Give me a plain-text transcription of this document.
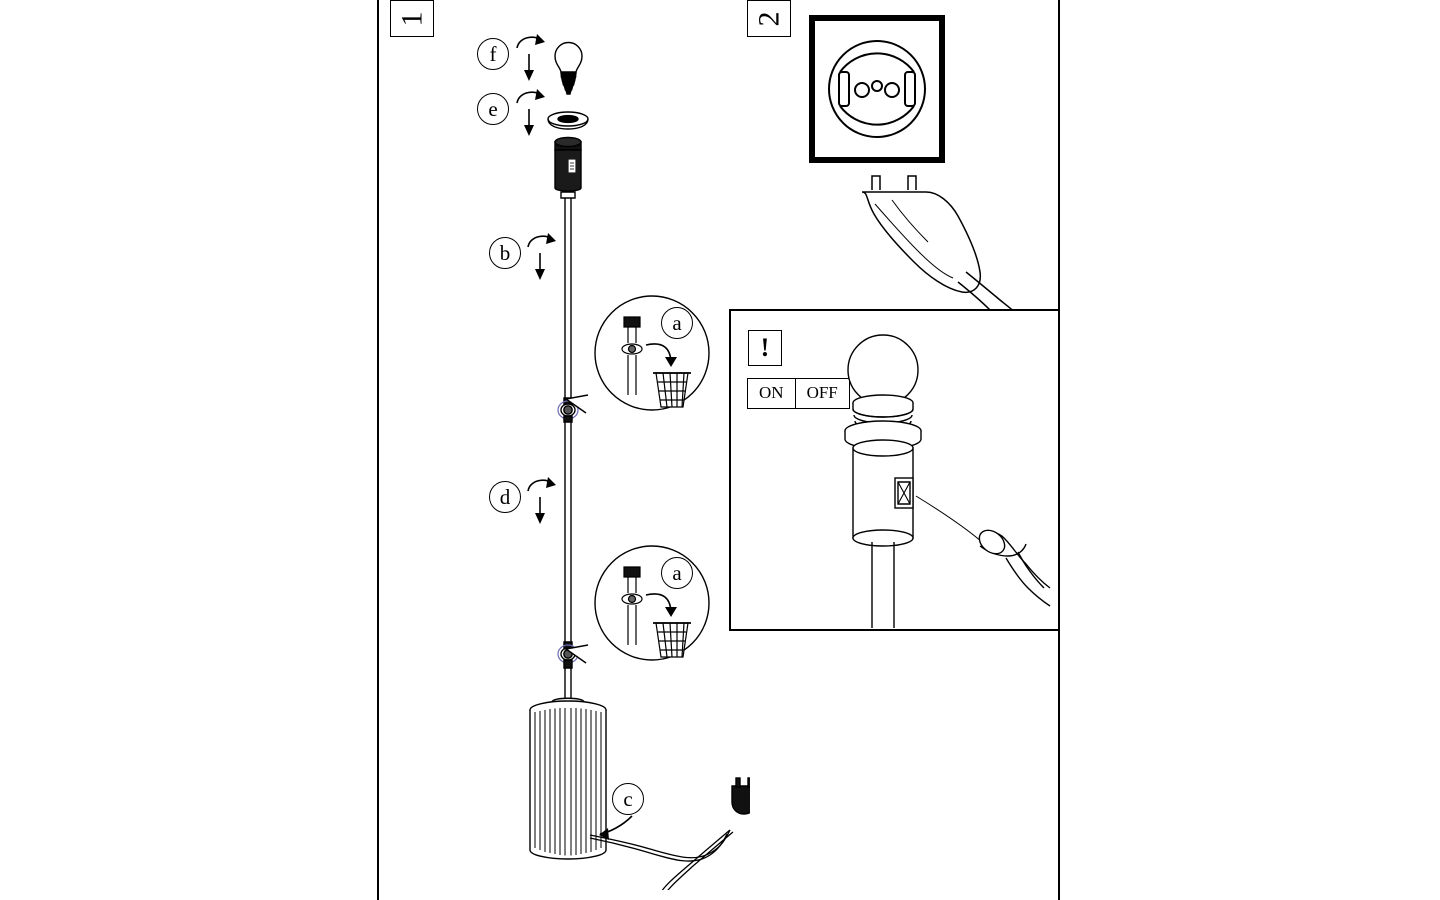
1	2
f
e
b
d
c
a
a
!
ON	OFF
